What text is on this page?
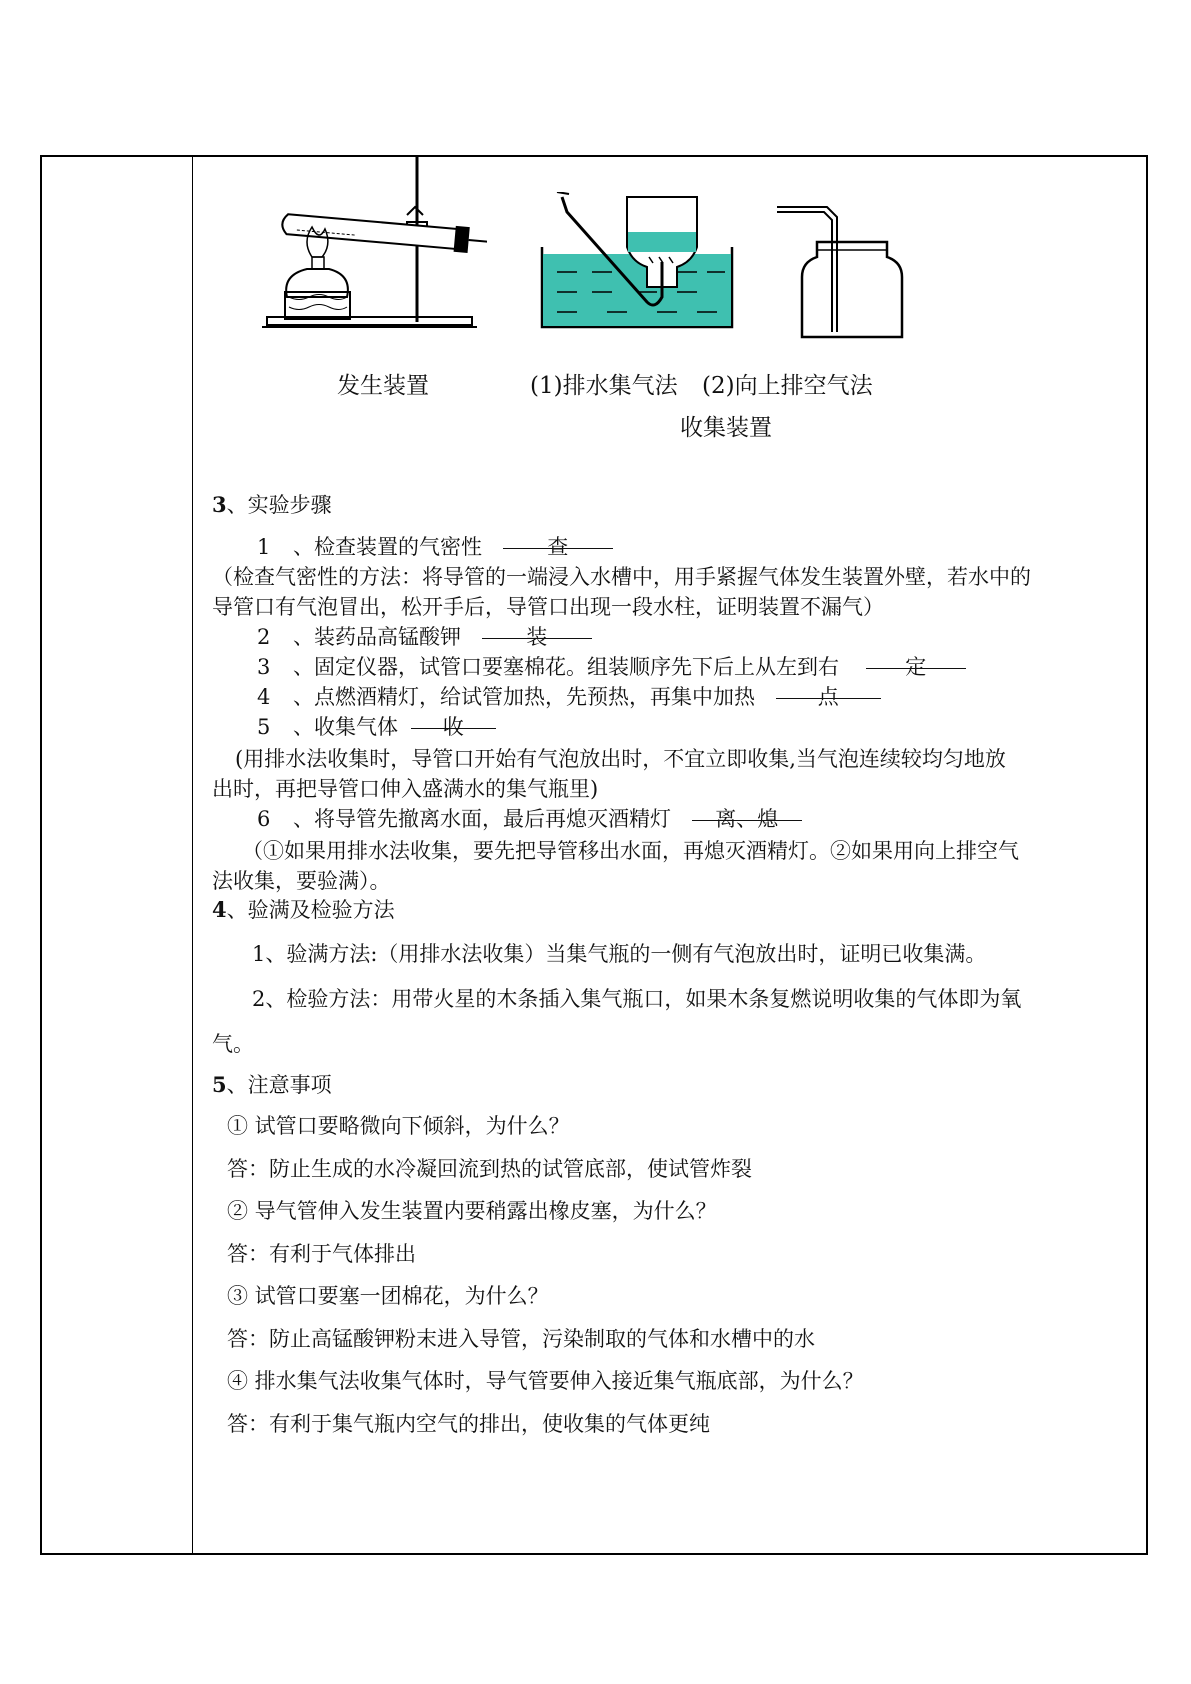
发生装置	(1)排水集气法 (2)向上排空气法
收集装置
3、实验步骤
1 、检查装置的气密性	查
（检查气密性的方法：将导管的一端浸入水槽中，用手紧握气体发生装置外壁，若水中的
导管口有气泡冒出，松开手后，导管口出现一段水柱，证明装置不漏气）
2 、装药品高锰酸钾	装
3 、固定仪器，试管口要塞棉花。组装顺序先下后上从左到右	定
4 、点燃酒精灯，给试管加热，先预热，再集中加热	点
5 、收集气体 收
(用排水法收集时，导管口开始有气泡放出时，不宜立即收集,当气泡连续较均匀地放
出时，再把导管口伸入盛满水的集气瓶里)
6 、将导管先撤离水面，最后再熄灭酒精灯 离、熄
（①如果用排水法收集，要先把导管移出水面，再熄灭酒精灯。②如果用向上排空气
法收集，要验满）。
4、验满及检验方法
1、验满方法:（用排水法收集）当集气瓶的一侧有气泡放出时，证明已收集满。
2、检验方法：用带火星的木条插入集气瓶口，如果木条复燃说明收集的气体即为氧
气。
5、注意事项
① 试管口要略微向下倾斜，为什么？
答：防止生成的水冷凝回流到热的试管底部，使试管炸裂
② 导气管伸入发生装置内要稍露出橡皮塞，为什么？
答：有利于气体排出
③ 试管口要塞一团棉花，为什么？
答：防止高锰酸钾粉末进入导管，污染制取的气体和水槽中的水
④ 排水集气法收集气体时，导气管要伸入接近集气瓶底部，为什么？
答：有利于集气瓶内空气的排出，使收集的气体更纯
